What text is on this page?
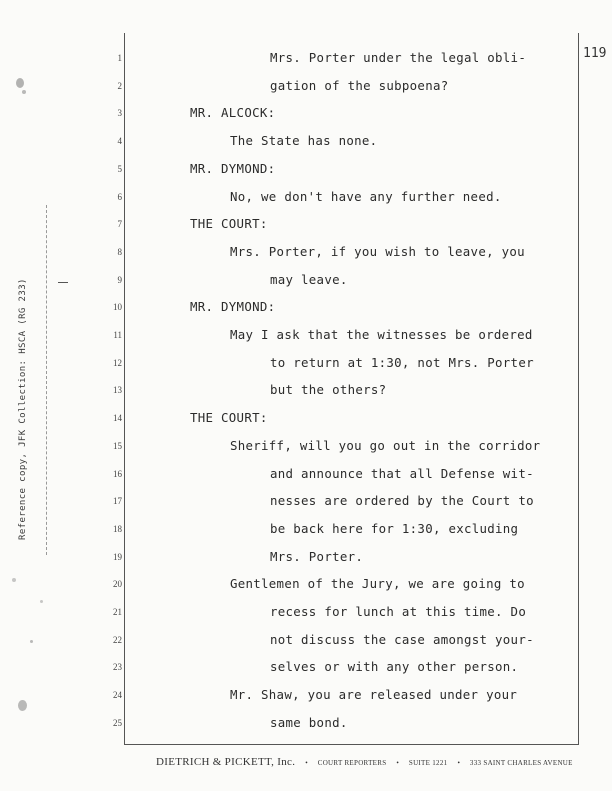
119
1	Mrs. Porter under the legal obli-
2	gation of the subpoena?
3	MR. ALCOCK:
4	The State has none.
5	MR. DYMOND:
6	No, we don't have any further need.
7	THE COURT:
8	Mrs. Porter, if you wish to leave, you
9	may leave.
10	MR. DYMOND:
11	May I ask that the witnesses be ordered
12	to return at 1:30, not Mrs. Porter
13	but the others?
14	THE COURT:
15	Sheriff, will you go out in the corridor
16	and announce that all Defense wit-
17	nesses are ordered by the Court to
18	be back here for 1:30, excluding
19	Mrs. Porter.
20	Gentlemen of the Jury, we are going to
21	recess for lunch at this time. Do
22	not discuss the case amongst your-
23	selves or with any other person.
24	Mr. Shaw, you are released under your
25	same bond.
DIETRICH & PICKETT, Inc. • COURT REPORTERS • SUITE 1221 • 333 SAINT CHARLES AVENUE
Reference copy, JFK Collection: HSCA (RG 233)
